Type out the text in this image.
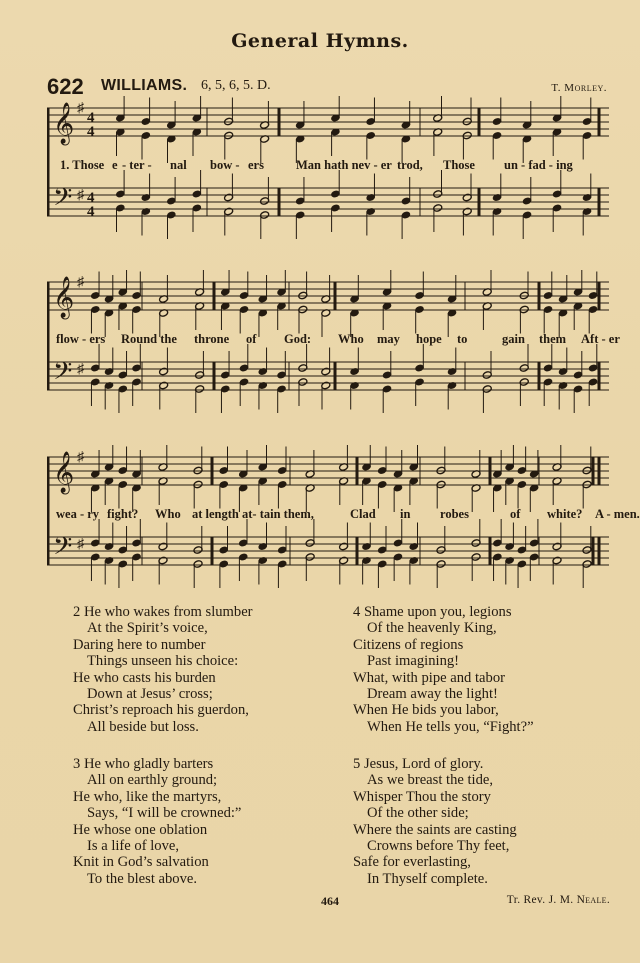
General Hymns.
622 WILLIAMS. 6, 5, 6, 5. D.	T. Morley.
𝄞
𝄢
♯
♯
4
4
4
4
1. Those e - ter - nal bow - ers	Man hath nev - er trod, Those un - fad - ing
𝄞
𝄢
♯
♯
flow - ers Round the throne of God: Who may hope to	gain them Aft - er
𝄞
𝄢
♯
♯
wea - ry fight? Who at length at- tain them,	Clad in robes	of white? A - men.
2 He who wakes from slumber
At the Spirit’s voice,
Daring here to number
Things unseen his choice:
He who casts his burden
Down at Jesus’ cross;
Christ’s reproach his guerdon,
All beside but loss.
3 He who gladly barters
All on earthly ground;
He who, like the martyrs,
Says, “I will be crowned:”
He whose one oblation
Is a life of love,
Knit in God’s salvation
To the blest above.
4 Shame upon you, legions
Of the heavenly King,
Citizens of regions
Past imagining!
What, with pipe and tabor
Dream away the light!
When He bids you labor,
When He tells you, “Fight?”
5 Jesus, Lord of glory.
As we breast the tide,
Whisper Thou the story
Of the other side;
Where the saints are casting
Crowns before Thy feet,
Safe for everlasting,
In Thyself complete.
464	Tr. Rev. J. M. Neale.
